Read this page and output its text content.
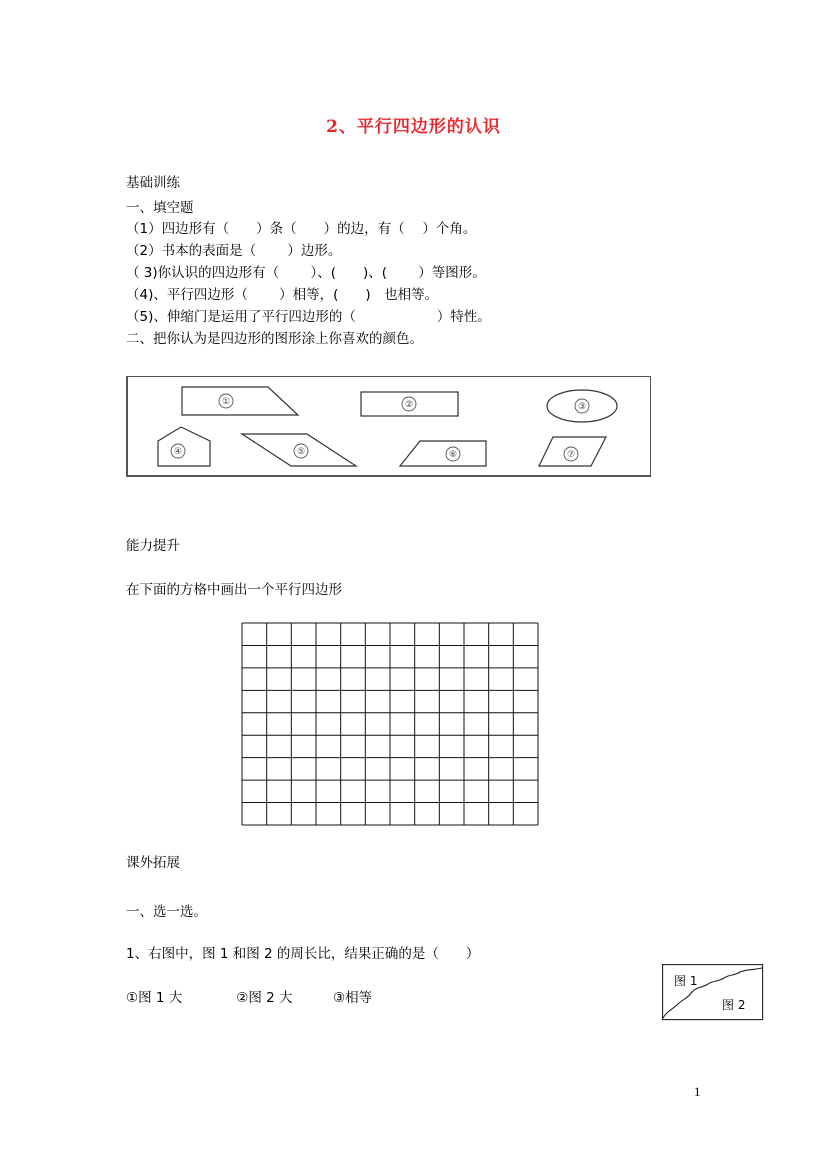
2、平行四边形的认识
基础训练
一、填空题
（1）四边形有（　　）条（　　）的边，有（　 ）个角。
（2）书本的表面是（　　 ）边形。
（ 3)你认识的四边形有（　　 ）、(　　)、(　　 ）等图形。
（4)、平行四边形（　　 ）相等，(　　)　也相等。
（5)、伸缩门是运用了平行四边形的（　　　　　　）特性。
二、把你认为是四边形的图形涂上你喜欢的颜色。
①	②	③
④	⑤	⑥	⑦
能力提升
在下面的方格中画出一个平行四边形
课外拓展
一、选一选。
1、右图中，图 1 和图 2 的周长比，结果正确的是（　　）
①图 1 大　　　　②图 2 大　　　③相等
图 1
图 2
1
